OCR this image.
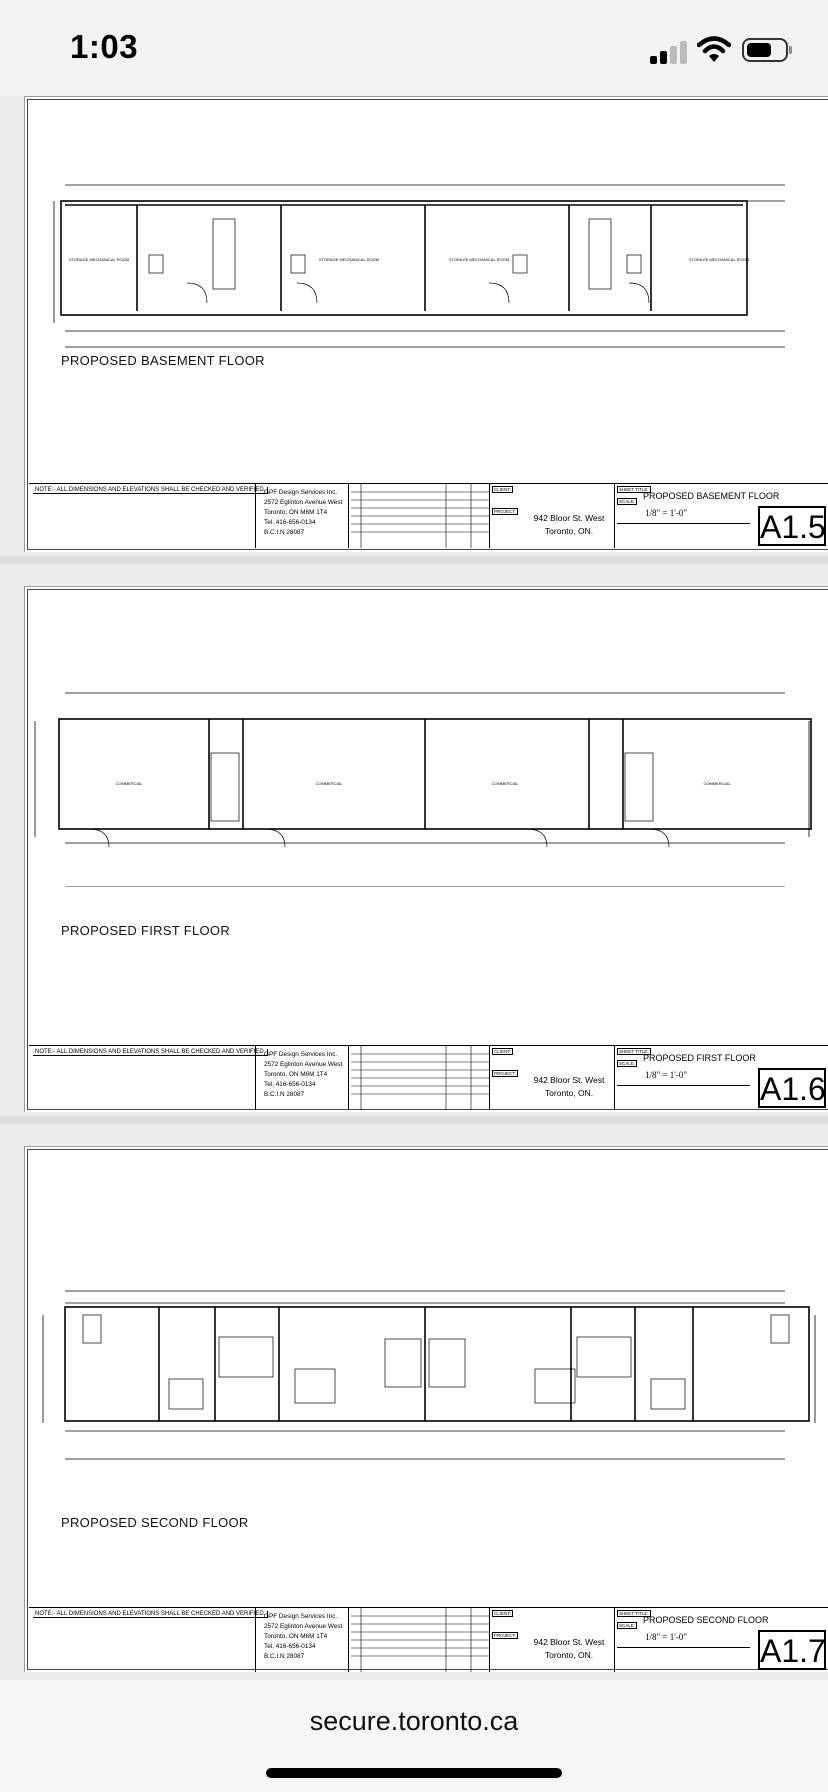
1:03
STORAGE MECHANICAL ROOM	STORAGE MECHANICAL ROOM	STORAGE MECHANICAL ROOM	STORAGE MECHANICAL ROOM
PROPOSED BASEMENT FLOOR
NOTE:- ALL DIMENSIONS AND ELEVATIONS SHALL BE CHECKED AND VERIFIED.
GPF Design Services Inc.
2572 Eglinton Avenue West
Toronto, ON M6M 1T4
Tel. 416-656-0134
B.C.I.N 28087
CLIENT:
PROJECT:
942 Bloor St. West
Toronto, ON.
SHEET TITLE:
SCALE:
PROPOSED BASEMENT FLOOR
1/8" = 1'-0" A1.5
COMMERCIAL	COMMERCIAL	COMMERCIAL	COMMERCIAL
PROPOSED FIRST FLOOR
NOTE:- ALL DIMENSIONS AND ELEVATIONS SHALL BE CHECKED AND VERIFIED.
GPF Design Services Inc.
2572 Eglinton Avenue West
Toronto, ON M6M 1T4
Tel. 416-656-0134
B.C.I.N 28087
CLIENT:
PROJECT:
942 Bloor St. West
Toronto, ON.
SHEET TITLE:
SCALE:
PROPOSED FIRST FLOOR
1/8" = 1'-0" A1.6
PROPOSED SECOND FLOOR
NOTE:- ALL DIMENSIONS AND ELEVATIONS SHALL BE CHECKED AND VERIFIED.
GPF Design Services Inc.
2572 Eglinton Avenue West
Toronto, ON M6M 1T4
Tel. 416-656-0134
B.C.I.N 28087
CLIENT:
PROJECT:
942 Bloor St. West
Toronto, ON.
SHEET TITLE:
SCALE:
PROPOSED SECOND FLOOR
1/8" = 1'-0" A1.7
secure.toronto.ca
